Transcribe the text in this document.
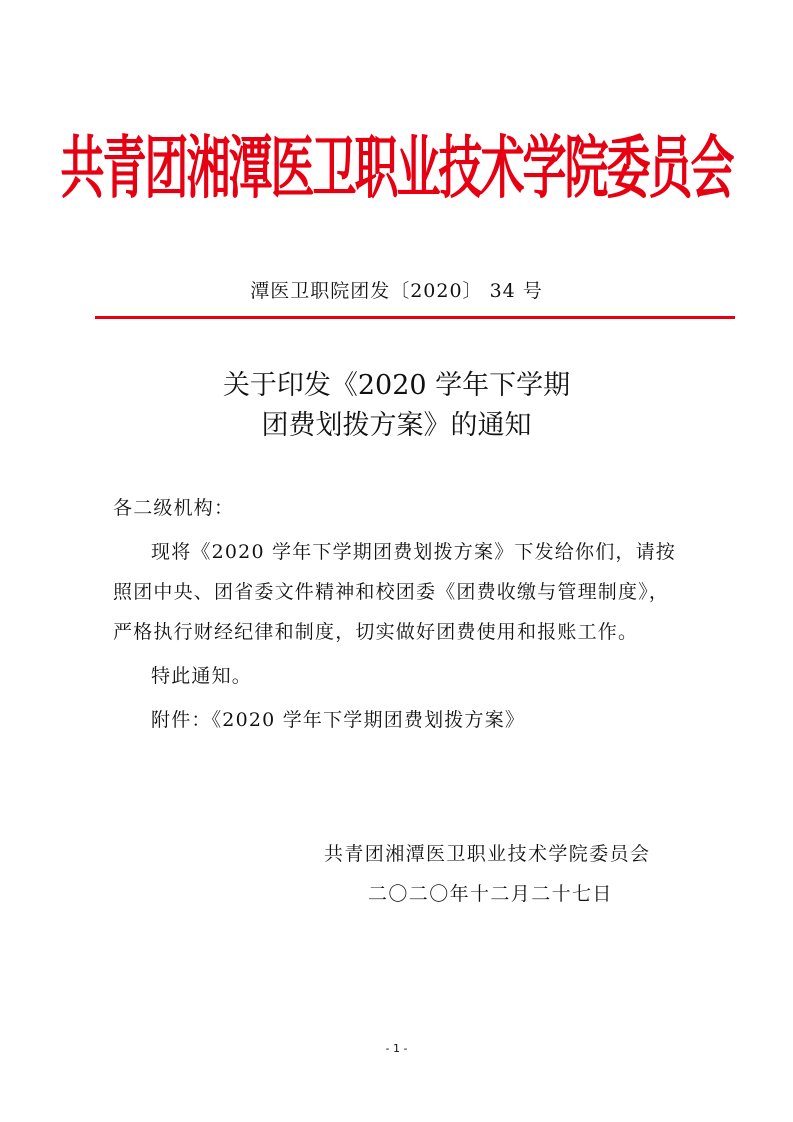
共青团湘潭医卫职业技术学院委员会
潭医卫职院团发〔2020〕 34 号
关于印发《2020 学年下学期
团费划拨方案》的通知

各二级机构：

现将《2020 学年下学期团费划拨方案》下发给你们，请按照团中央、团省委文件精神和校团委《团费收缴与管理制度》，严格执行财经纪律和制度，切实做好团费使用和报账工作。

特此通知。

附件：《2020 学年下学期团费划拨方案》

共青团湘潭医卫职业技术学院委员会
二〇二〇年十二月二十七日
- 1 -
